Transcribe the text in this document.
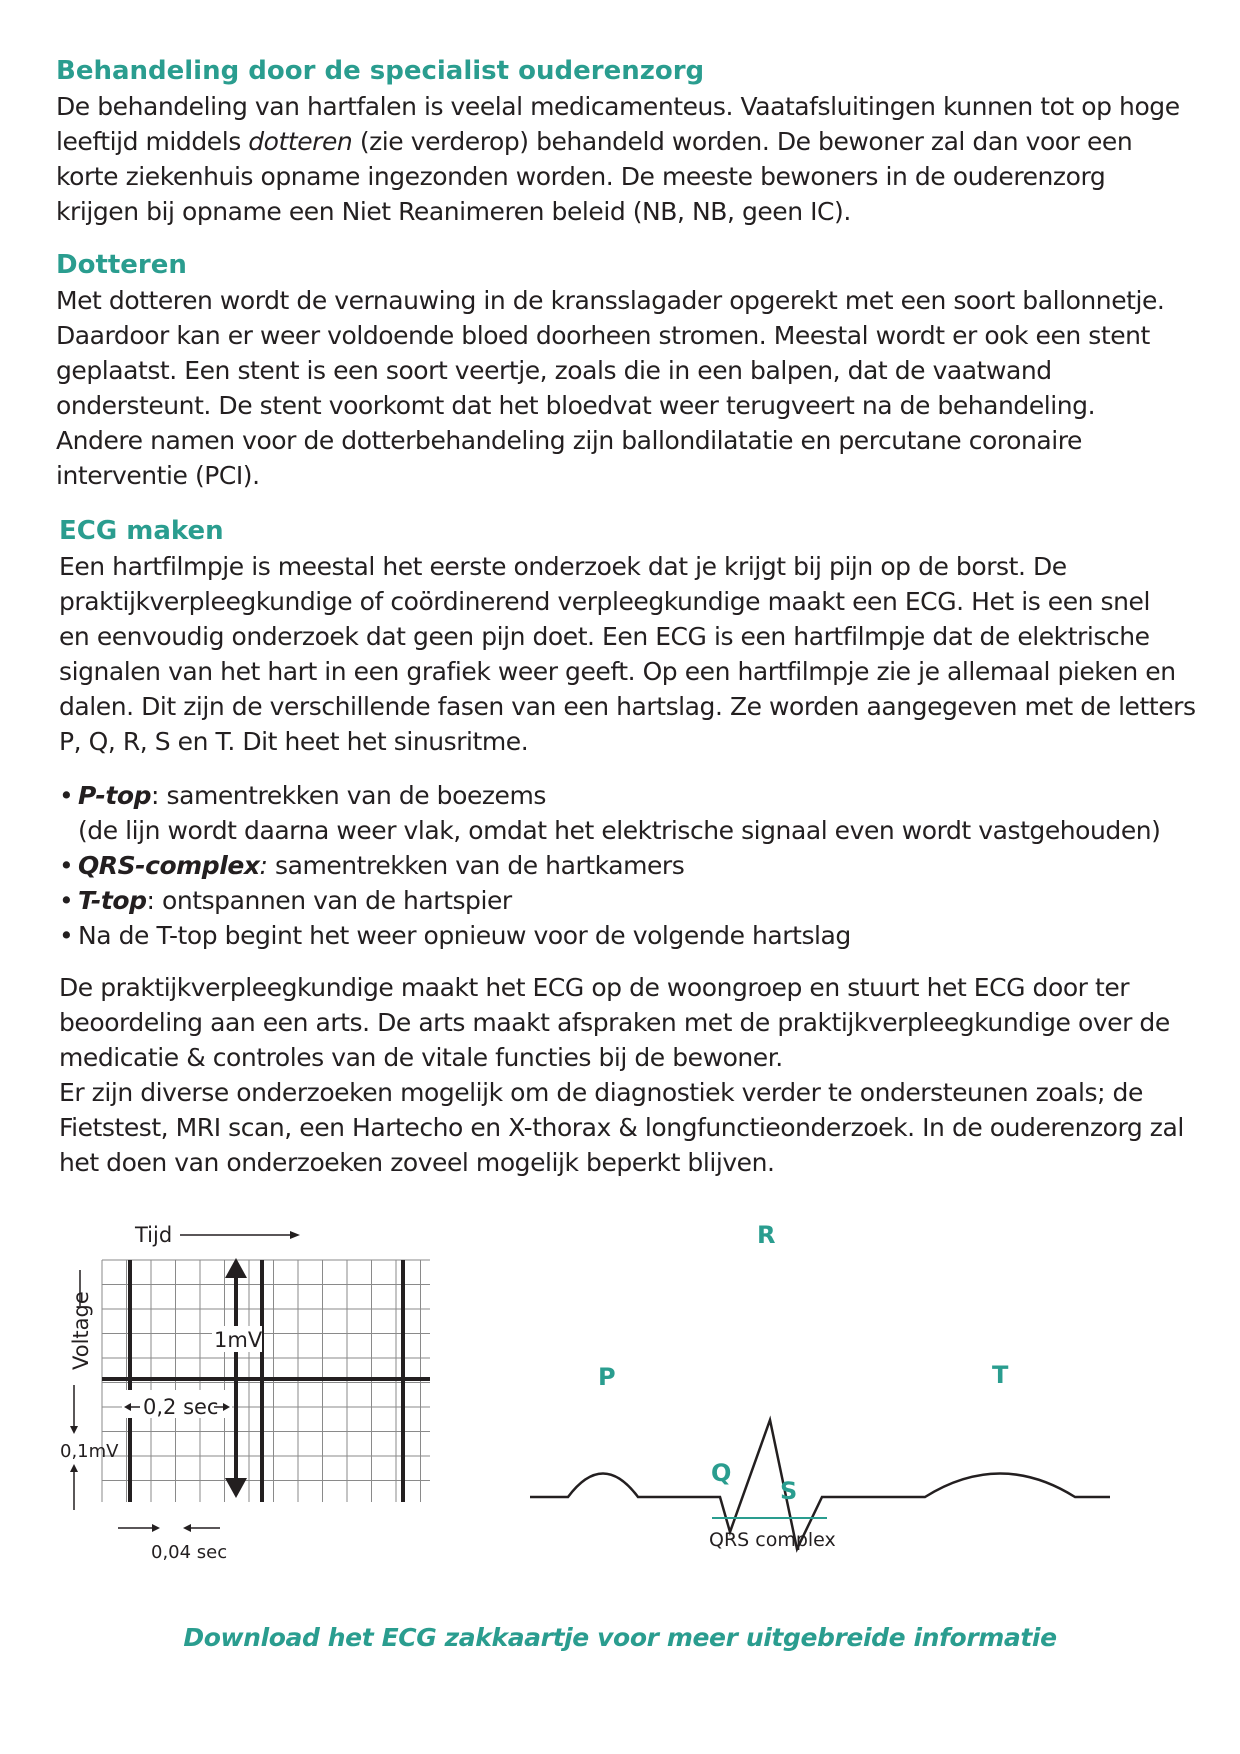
Behandeling door de specialist ouderenzorg

De behandeling van hartfalen is veelal medicamenteus. Vaatafsluitingen kunnen tot op hoge
leeftijd middels dotteren (zie verderop) behandeld worden. De bewoner zal dan voor een
korte ziekenhuis opname ingezonden worden. De meeste bewoners in de ouderenzorg
krijgen bij opname een Niet Reanimeren beleid (NB, NB, geen IC).

Dotteren

Met dotteren wordt de vernauwing in de kransslagader opgerekt met een soort ballonnetje.
Daardoor kan er weer voldoende bloed doorheen stromen. Meestal wordt er ook een stent
geplaatst. Een stent is een soort veertje, zoals die in een balpen, dat de vaatwand
ondersteunt. De stent voorkomt dat het bloedvat weer terugveert na de behandeling.
Andere namen voor de dotterbehandeling zijn ballondilatatie en percutane coronaire
interventie (PCI).

ECG maken

Een hartfilmpje is meestal het eerste onderzoek dat je krijgt bij pijn op de borst. De
praktijkverpleegkundige of coördinerend verpleegkundige maakt een ECG. Het is een snel
en eenvoudig onderzoek dat geen pijn doet. Een ECG is een hartfilmpje dat de elektrische
signalen van het hart in een grafiek weer geeft. Op een hartfilmpje zie je allemaal pieken en
dalen. Dit zijn de verschillende fasen van een hartslag. Ze worden aangegeven met de letters
P, Q, R, S en T. Dit heet het sinusritme.

• P-top: samentrekken van de boezems
(de lijn wordt daarna weer vlak, omdat het elektrische signaal even wordt vastgehouden)
• QRS-complex: samentrekken van de hartkamers
• T-top: ontspannen van de hartspier
• Na de T-top begint het weer opnieuw voor de volgende hartslag

De praktijkverpleegkundige maakt het ECG op de woongroep en stuurt het ECG door ter
beoordeling aan een arts. De arts maakt afspraken met de praktijkverpleegkundige over de
medicatie & controles van de vitale functies bij de bewoner.
Er zijn diverse onderzoeken mogelijk om de diagnostiek verder te ondersteunen zoals; de
Fietstest, MRI scan, een Hartecho en X-thorax & longfunctieonderzoek. In de ouderenzorg zal
het doen van onderzoeken zoveel mogelijk beperkt blijven.

Tijd
Voltage	1mV
0,2 sec
0,1mV
0,04 sec
P
R
T
Q
S
QRS complex
Download het ECG zakkaartje voor meer uitgebreide informatie
